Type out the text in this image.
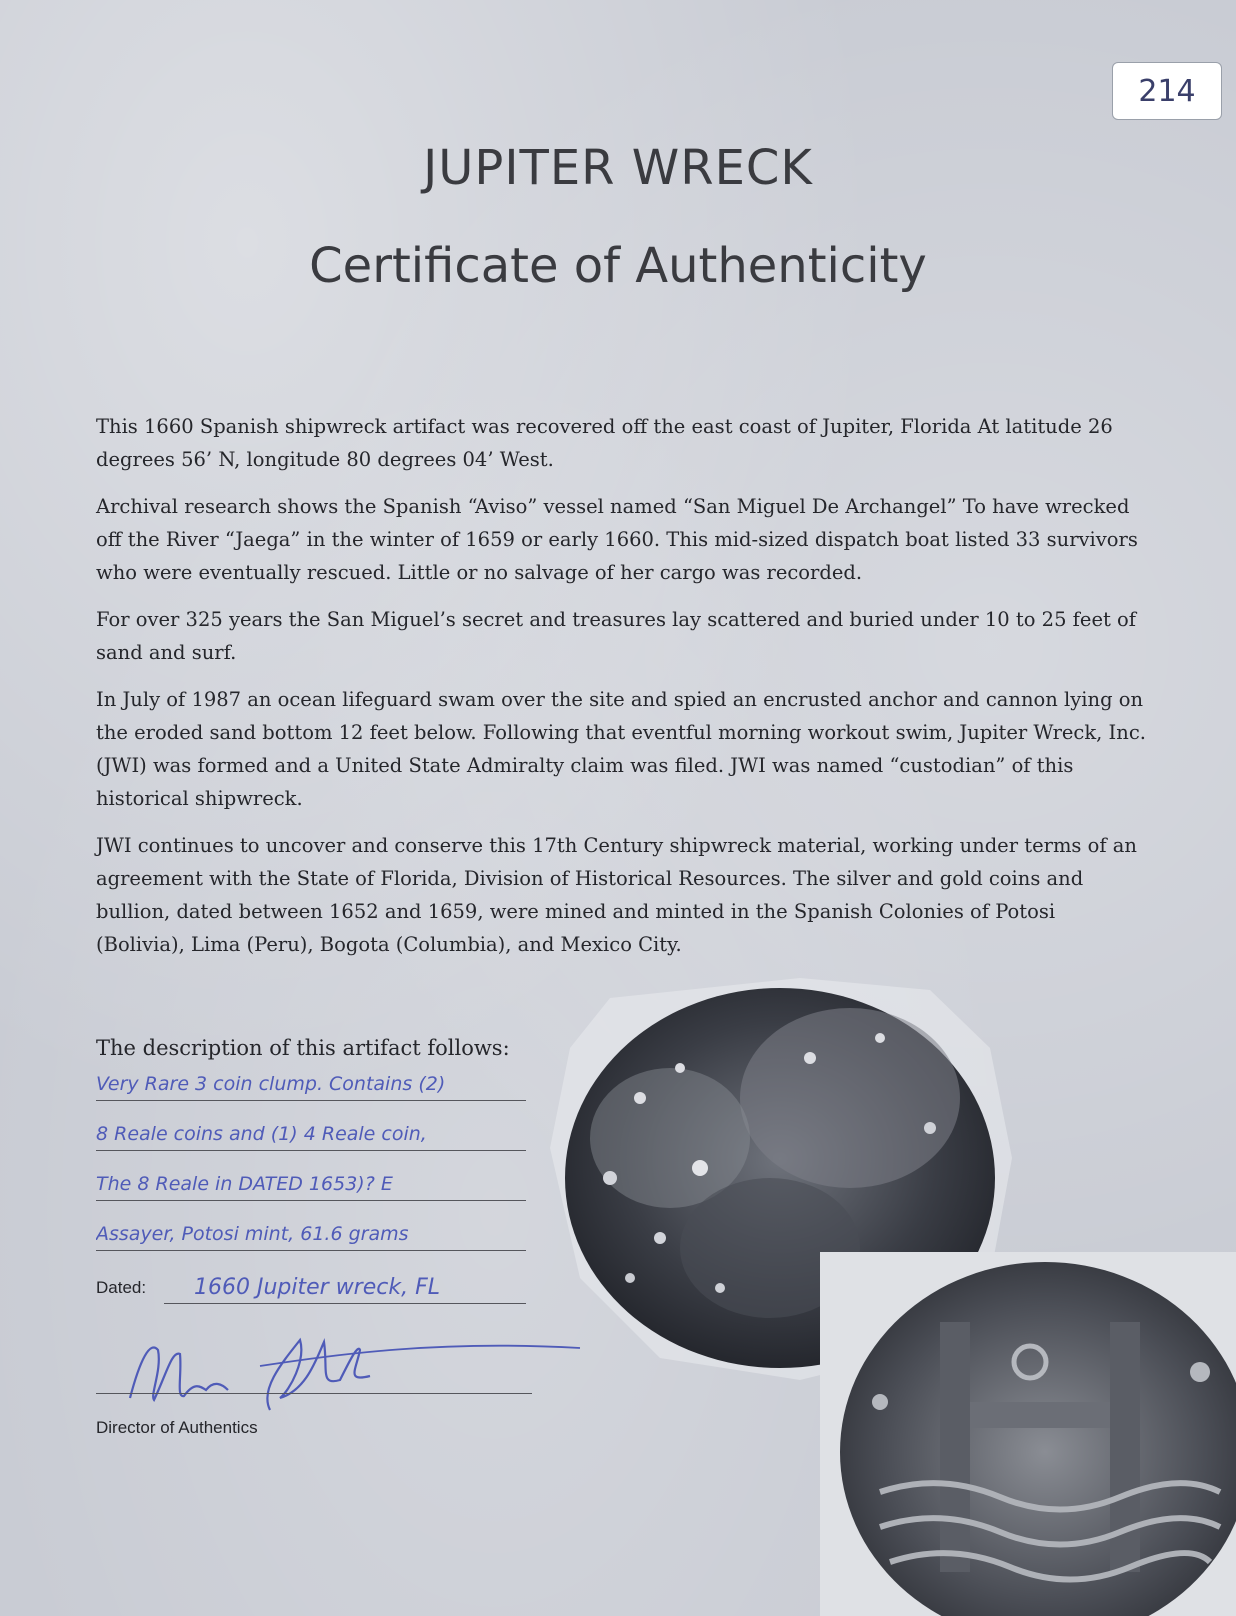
214
JUPITER WRECK
Certificate of Authenticity

This 1660 Spanish shipwreck artifact was recovered off the east coast of Jupiter, Florida At latitude 26 degrees 56’ N, longitude 80 degrees 04’ West.

Archival research shows the Spanish “Aviso” vessel named “San Miguel De Archangel” To have wrecked off the River “Jaega” in the winter of 1659 or early 1660. This mid-sized dispatch boat listed 33 survivors who were eventually rescued. Little or no salvage of her cargo was recorded.

For over 325 years the San Miguel’s secret and treasures lay scattered and buried under 10 to 25 feet of sand and surf.

In July of 1987 an ocean lifeguard swam over the site and spied an encrusted anchor and cannon lying on the eroded sand bottom 12 feet below. Following that eventful morning workout swim, Jupiter Wreck, Inc. (JWI) was formed and a United State Admiralty claim was filed. JWI was named “custodian” of this historical shipwreck.

JWI continues to uncover and conserve this 17th Century shipwreck material, working under terms of an agreement with the State of Florida, Division of Historical Resources. The silver and gold coins and bullion, dated between 1652 and 1659, were mined and minted in the Spanish Colonies of Potosi (Bolivia), Lima (Peru), Bogota (Columbia), and Mexico City.

The description of this artifact follows:
Very Rare 3 coin clump. Contains (2)
8 Reale coins and (1) 4 Reale coin,
The 8 Reale in DATED 1653)? E
Assayer, Potosi mint, 61.6 grams
Dated:	1660 Jupiter wreck, FL
Director of Authentics
